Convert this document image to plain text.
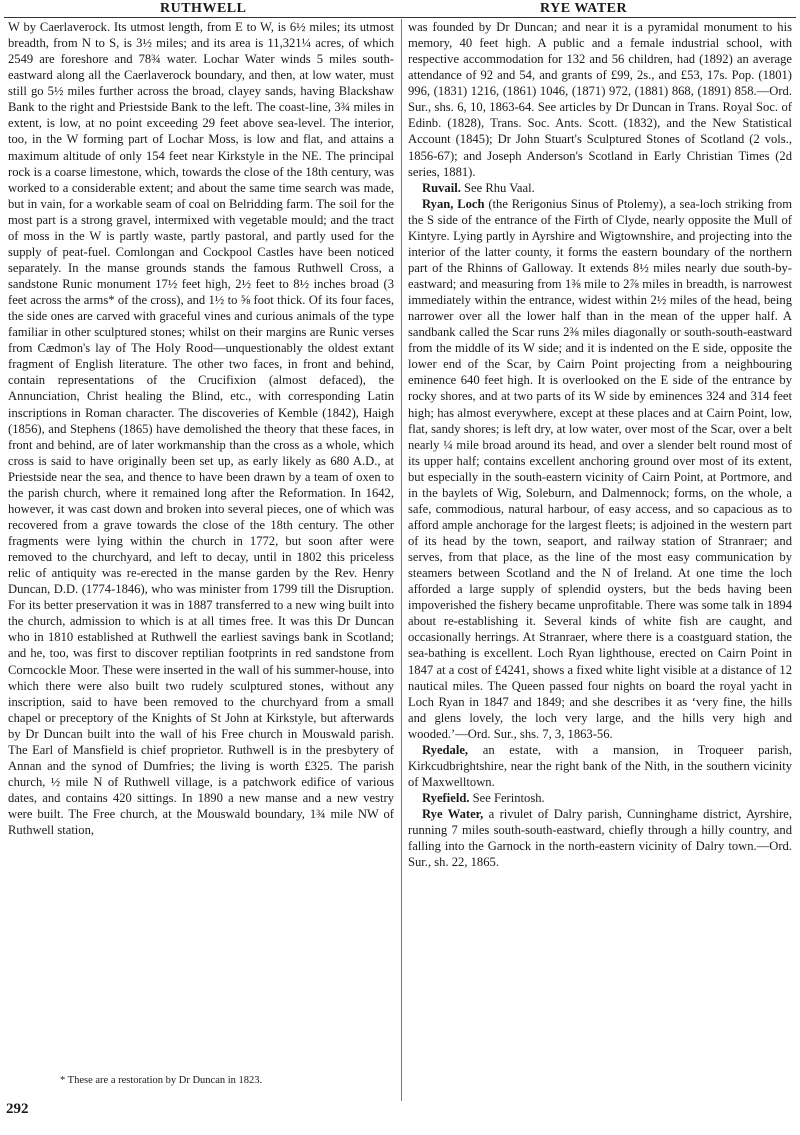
RUTHWELL	RYE WATER

W by Caerlaverock. Its utmost length, from E to W, is 6½ miles; its utmost breadth, from N to S, is 3½ miles; and its area is 11,321¼ acres, of which 2549 are foreshore and 78¾ water. Lochar Water winds 5 miles south-eastward along all the Caerlaverock boundary, and then, at low water, must still go 5½ miles further across the broad, clayey sands, having Blackshaw Bank to the right and Priestside Bank to the left. The coast-line, 3¾ miles in extent, is low, at no point exceeding 29 feet above sea-level. The interior, too, in the W forming part of Lochar Moss, is low and flat, and attains a maximum altitude of only 154 feet near Kirkstyle in the NE. The principal rock is a coarse limestone, which, towards the close of the 18th century, was worked to a considerable extent; and about the same time search was made, but in vain, for a workable seam of coal on Belridding farm. The soil for the most part is a strong gravel, intermixed with vegetable mould; and the tract of moss in the W is partly waste, partly pastoral, and partly used for the supply of peat-fuel. Comlongan and Cockpool Castles have been noticed separately. In the manse grounds stands the famous Ruthwell Cross, a sandstone Runic monument 17½ feet high, 2½ feet to 8½ inches broad (3 feet across the arms* of the cross), and 1½ to ⅝ foot thick. Of its four faces, the side ones are carved with graceful vines and curious animals of the type familiar in other sculptured stones; whilst on their margins are Runic verses from Cædmon's lay of The Holy Rood—unquestionably the oldest extant fragment of English literature. The other two faces, in front and behind, contain representations of the Crucifixion (almost defaced), the Annunciation, Christ healing the Blind, etc., with corresponding Latin inscriptions in Roman character. The discoveries of Kemble (1842), Haigh (1856), and Stephens (1865) have demolished the theory that these faces, in front and behind, are of later workmanship than the cross as a whole, which cross is said to have originally been set up, as early likely as 680 A.D., at Priestside near the sea, and thence to have been drawn by a team of oxen to the parish church, where it remained long after the Reformation. In 1642, however, it was cast down and broken into several pieces, one of which was recovered from a grave towards the close of the 18th century. The other fragments were lying within the church in 1772, but soon after were removed to the churchyard, and left to decay, until in 1802 this priceless relic of antiquity was re-erected in the manse garden by the Rev. Henry Duncan, D.D. (1774-1846), who was minister from 1799 till the Disruption. For its better preservation it was in 1887 transferred to a new wing built into the church, admission to which is at all times free. It was this Dr Duncan who in 1810 established at Ruthwell the earliest savings bank in Scotland; and he, too, was first to discover reptilian footprints in red sandstone from Corncockle Moor. These were inserted in the wall of his summer-house, into which there were also built two rudely sculptured stones, without any inscription, said to have been removed to the churchyard from a small chapel or preceptory of the Knights of St John at Kirkstyle, but afterwards by Dr Duncan built into the wall of his Free church in Mouswald parish. The Earl of Mansfield is chief proprietor. Ruthwell is in the presbytery of Annan and the synod of Dumfries; the living is worth £325. The parish church, ½ mile N of Ruthwell village, is a patchwork edifice of various dates, and contains 420 sittings. In 1890 a new manse and a new vestry were built. The Free church, at the Mouswald boundary, 1¾ mile NW of Ruthwell station,

was founded by Dr Duncan; and near it is a pyramidal monument to his memory, 40 feet high. A public and a female industrial school, with respective accommodation for 132 and 56 children, had (1892) an average attendance of 92 and 54, and grants of £99, 2s., and £53, 17s. Pop. (1801) 996, (1831) 1216, (1861) 1046, (1871) 972, (1881) 868, (1891) 858.—Ord. Sur., shs. 6, 10, 1863-64. See articles by Dr Duncan in Trans. Royal Soc. of Edinb. (1828), Trans. Soc. Ants. Scott. (1832), and the New Statistical Account (1845); Dr John Stuart's Sculptured Stones of Scotland (2 vols., 1856-67); and Joseph Anderson's Scotland in Early Christian Times (2d series, 1881).

Ruvail. See Rhu Vaal.

Ryan, Loch (the Rerigonius Sinus of Ptolemy), a sea-loch striking from the S side of the entrance of the Firth of Clyde, nearly opposite the Mull of Kintyre. Lying partly in Ayrshire and Wigtownshire, and projecting into the interior of the latter county, it forms the eastern boundary of the northern part of the Rhinns of Galloway. It extends 8½ miles nearly due south-by-eastward; and measuring from 1⅜ mile to 2⅞ miles in breadth, is narrowest immediately within the entrance, widest within 2½ miles of the head, being narrower over all the lower half than in the mean of the upper half. A sandbank called the Scar runs 2⅜ miles diagonally or south-south-eastward from the middle of its W side; and it is indented on the E side, opposite the lower end of the Scar, by Cairn Point projecting from a neighbouring eminence 640 feet high. It is overlooked on the E side of the entrance by rocky shores, and at two parts of its W side by eminences 324 and 314 feet high; has almost everywhere, except at these places and at Cairn Point, low, flat, sandy shores; is left dry, at low water, over most of the Scar, over a belt nearly ¼ mile broad around its head, and over a slender belt round most of its upper half; contains excellent anchoring ground over most of its extent, but especially in the south-eastern vicinity of Cairn Point, at Portmore, and in the baylets of Wig, Soleburn, and Dalmennock; forms, on the whole, a safe, commodious, natural harbour, of easy access, and so capacious as to afford ample anchorage for the largest fleets; is adjoined in the western part of its head by the town, seaport, and railway station of Stranraer; and serves, from that place, as the line of the most easy communication by steamers between Scotland and the N of Ireland. At one time the loch afforded a large supply of splendid oysters, but the beds having been impoverished the fishery became unprofitable. There was some talk in 1894 about re-establishing it. Several kinds of white fish are caught, and occasionally herrings. At Stranraer, where there is a coastguard station, the sea-bathing is excellent. Loch Ryan lighthouse, erected on Cairn Point in 1847 at a cost of £4241, shows a fixed white light visible at a distance of 12 nautical miles. The Queen passed four nights on board the royal yacht in Loch Ryan in 1847 and 1849; and she describes it as ‘very fine, the hills and glens lovely, the loch very large, and the hills very high and wooded.’—Ord. Sur., shs. 7, 3, 1863-56.

Ryedale, an estate, with a mansion, in Troqueer parish, Kirkcudbrightshire, near the right bank of the Nith, in the southern vicinity of Maxwelltown.

Ryefield. See Ferintosh.

Rye Water, a rivulet of Dalry parish, Cunninghame district, Ayrshire, running 7 miles south-south-eastward, chiefly through a hilly country, and falling into the Garnock in the north-eastern vicinity of Dalry town.—Ord. Sur., sh. 22, 1865.

* These are a restoration by Dr Duncan in 1823.
292
